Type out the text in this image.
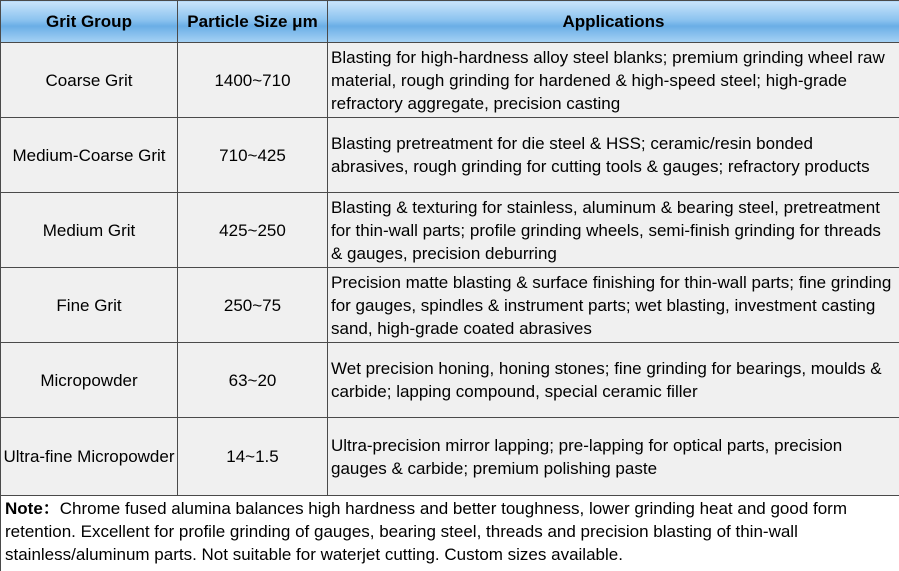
Grit Group	Particle Size μm	Applications
Coarse Grit	1400~710	Blasting for high-hardness alloy steel blanks; premium grinding wheel raw material, rough grinding for hardened & high-speed steel; high-grade refractory aggregate, precision casting
Medium-Coarse Grit	710~425	Blasting pretreatment for die steel & HSS; ceramic/resin bonded abrasives, rough grinding for cutting tools & gauges; refractory products
Medium Grit	425~250	Blasting & texturing for stainless, aluminum & bearing steel, pretreatment for thin-wall parts; profile grinding wheels, semi-finish grinding for threads & gauges, precision deburring
Fine Grit	250~75	Precision matte blasting & surface finishing for thin-wall parts; fine grinding for gauges, spindles & instrument parts; wet blasting, investment casting sand, high-grade coated abrasives
Micropowder	63~20	Wet precision honing, honing stones; fine grinding for bearings, moulds & carbide; lapping compound, special ceramic filler
Ultra-fine Micropowder	14~1.5	Ultra-precision mirror lapping; pre-lapping for optical parts, precision gauges & carbide; premium polishing paste
Note：Chrome fused alumina balances high hardness and better toughness, lower grinding heat and good form retention. Excellent for profile grinding of gauges, bearing steel, threads and precision blasting of thin-wall stainless/aluminum parts. Not suitable for waterjet cutting. Custom sizes available.		
